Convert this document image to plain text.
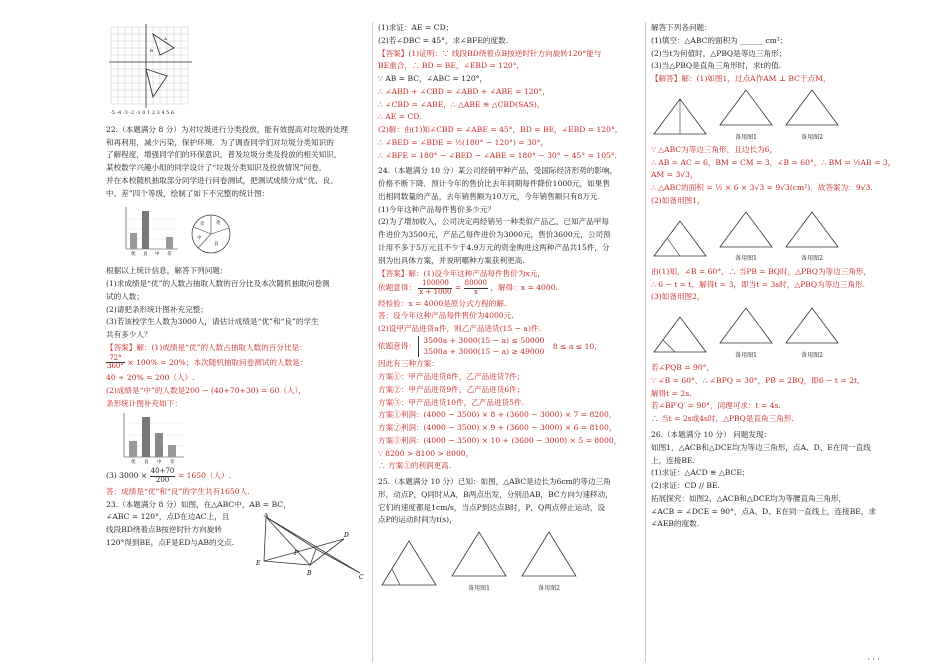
B
A
-5 -4 -3 -2 -1 0 1 2 3 4 5 6

22.（本题满分 8 分）为对垃圾进行分类投放，能有效提高对垃圾的处理

和再利用，减少污染，保护环境．为了调查同学们对垃圾分类知识的

了解程度，增强同学们的环保意识，普及垃圾分类及投放的相关知识，

某校数学兴趣小组的同学设计了“垃圾分类知识及投放情况”问卷，

并在本校随机抽取部分同学进行问卷测试，把测试成绩分成“优、良、

中、差”四个等级，绘制了如下不完整的统计图：

优 良 中 差
优
良
中
差

根据以上统计信息，解答下列问题：

(1)求成绩是“优”的人数占抽取人数的百分比及本次随机抽取问卷测

试的人数；

(2)请把条形统计图补充完整；

(3)若该校学生人数为3000人，请估计成绩是“优”和“良”的学生

共有多少人？

【答案】解：(1)成绩是“优”的人数占抽取人数的百分比是：

$\frac{72^\circ}{360^\circ} \times 100\% = 20\%$；本次随机抽取问卷测试的人数是：

40 ÷ 20% = 200（人）.

(2)成绩是“中”的人数是200 − (40+70+30) = 60（人），

条形统计图补充如下：

优 良 中 差

(3) $3000 \times \frac{40+70}{200} = 1650$（人）.

答：成绩是“优”和“良”的学生共有1650人.

23.（本题满分 8 分）如图，在△ABC中，AB = BC，

∠ABC = 120°，点D在边AC上，且

线段BD绕着点B按逆时针方向旋转

120°得到BE，点F是ED与AB的交点.

A
E
F
B
D
C

(1)求证：AE = CD；

(2)若∠DBC = 45°，求∠BFE的度数.

【答案】(1)证明：∵ 线段BD绕着点B按逆时针方向旋转120°能与

BE重合，∴ BD = BE，∠EBD = 120°，

∵ AB = BC，∠ABC = 120°，

∴ ∠ABD + ∠CBD = ∠ABD + ∠ABE = 120°，

∴ ∠CBD = ∠ABE，∴ △ABE ≌ △CBD(SAS)，

∴ AE = CD.

(2)解：由(1)知∠CBD = ∠ABE = 45°，BD = BE，∠EBD = 120°，

∴ ∠BED = ∠BDE = ½(180° − 120°) = 30°，

∴ ∠BFE = 180° − ∠BED − ∠ABE = 180° − 30° − 45° = 105°.

24.（本题满分 10 分）某公司经销甲种产品，受国际经济形势的影响，

价格不断下降．预计今年的售价比去年同期每件降价1000元，如果售

出相同数量的产品，去年销售额为10万元，今年销售额只有8万元.

(1)今年这种产品每件售价多少元？

(2)为了增加收入，公司决定再经销另一种类似产品乙，已知产品甲每

件进价为3500元，产品乙每件进价为3000元，售价3600元，公司预

计用不多于5万元且不少于4.9万元的资金购进这两种产品共15件，分

别为出具体方案，并说明哪种方案获利更高.

【答案】解：(1)设今年这种产品每件售价为x元，

依题意得： $\frac{100000}{x + 1000} = \frac{80000}{x}$ ，解得：x = 4000.

经检验：x = 4000是原分式方程的解.

答：设今年这种产品每件售价为4000元.

(2)设甲产品进货a件，则乙产品进货(15 − a)件.

依题意得： 3500a + 3000(15 − a) ≤ 50000
3500a + 3000(15 − a) ≥ 49000 8 ≤ a ≤ 10.

因此有三种方案：

方案①：甲产品进货8件，乙产品进货7件；

方案②：甲产品进货9件，乙产品进货6件；

方案③：甲产品进货10件，乙产品进货5件.

方案①利润：(4000 − 3500) × 8 + (3600 − 3000) × 7 = 8200，

方案②利润：(4000 − 3500) × 9 + (3600 − 3000) × 6 = 8100，

方案③利润：(4000 − 3500) × 10 + (3600 − 3000) × 5 = 8000，

∵ 8200 > 8100 > 8000，

∴ 方案①的利润更高.

25.（本题满分 10 分）已知：如图，△ABC是边长为6cm的等边三角

形，动点P，Q同时从A，B两点出发，分别沿AB，BC方向匀速移动，

它们的速度都是1cm/s，当点P到达点B时，P，Q两点停止运动，设

点P的运动时间为t(s)，

备用图1	备用图2

解答下列各问题：

(1)填空：△ABC的面积为 ______ cm²；

(2)当t为何值时，△PBQ是等边三角形；

(3)当△PBQ是直角三角形时，求t的值.

【解答】解：(1)如图1，过点A作AM ⊥ BC于点M，

备用图1	备用图2

∵ △ABC为等边三角形，且边长为6，

∴ AB = AC = 6，BM = CM = 3，∠B = 60°，∴ BM = ½AB = 3，

AM = 3√3，

∴ △ABC的面积 = ½ × 6 × 3√3 = 9√3(cm²)．故答案为：9√3.

(2)如备用图1，

备用图1	备用图2

由(1)知，∠B = 60°，∴ 当PB = BQ时，△PBQ为等边三角形，

∴ 6 − t = t，解得t = 3，即当t = 3s时，△PBQ为等边三角形.

(3)如备用图2，

备用图1	备用图2

若∠PQB = 90°，

∵ ∠B = 60°，∴ ∠BPQ = 30°，PB = 2BQ，即6 − t = 2t，

解得t = 2s.

若∠BP′Q′ = 90°，同理可求：t = 4s.

∴ 当t = 2s或4s时，△PBQ是直角三角形.

26.（本题满分 10 分） 问题发现：

如图1，△ACB和△DCE均为等边三角形，点A、D、E在同一直线

上，连接BE.

(1)求证：△ACD ≌ △BCE；

(2)求证：CD // BE.

拓展探究：如图2，△ACB和△DCE均为等腰直角三角形，

∠ACB = ∠DCE = 90°，点A、D、E在同一直线上，连接BE，求

∠AEB的度数.

· · ·
